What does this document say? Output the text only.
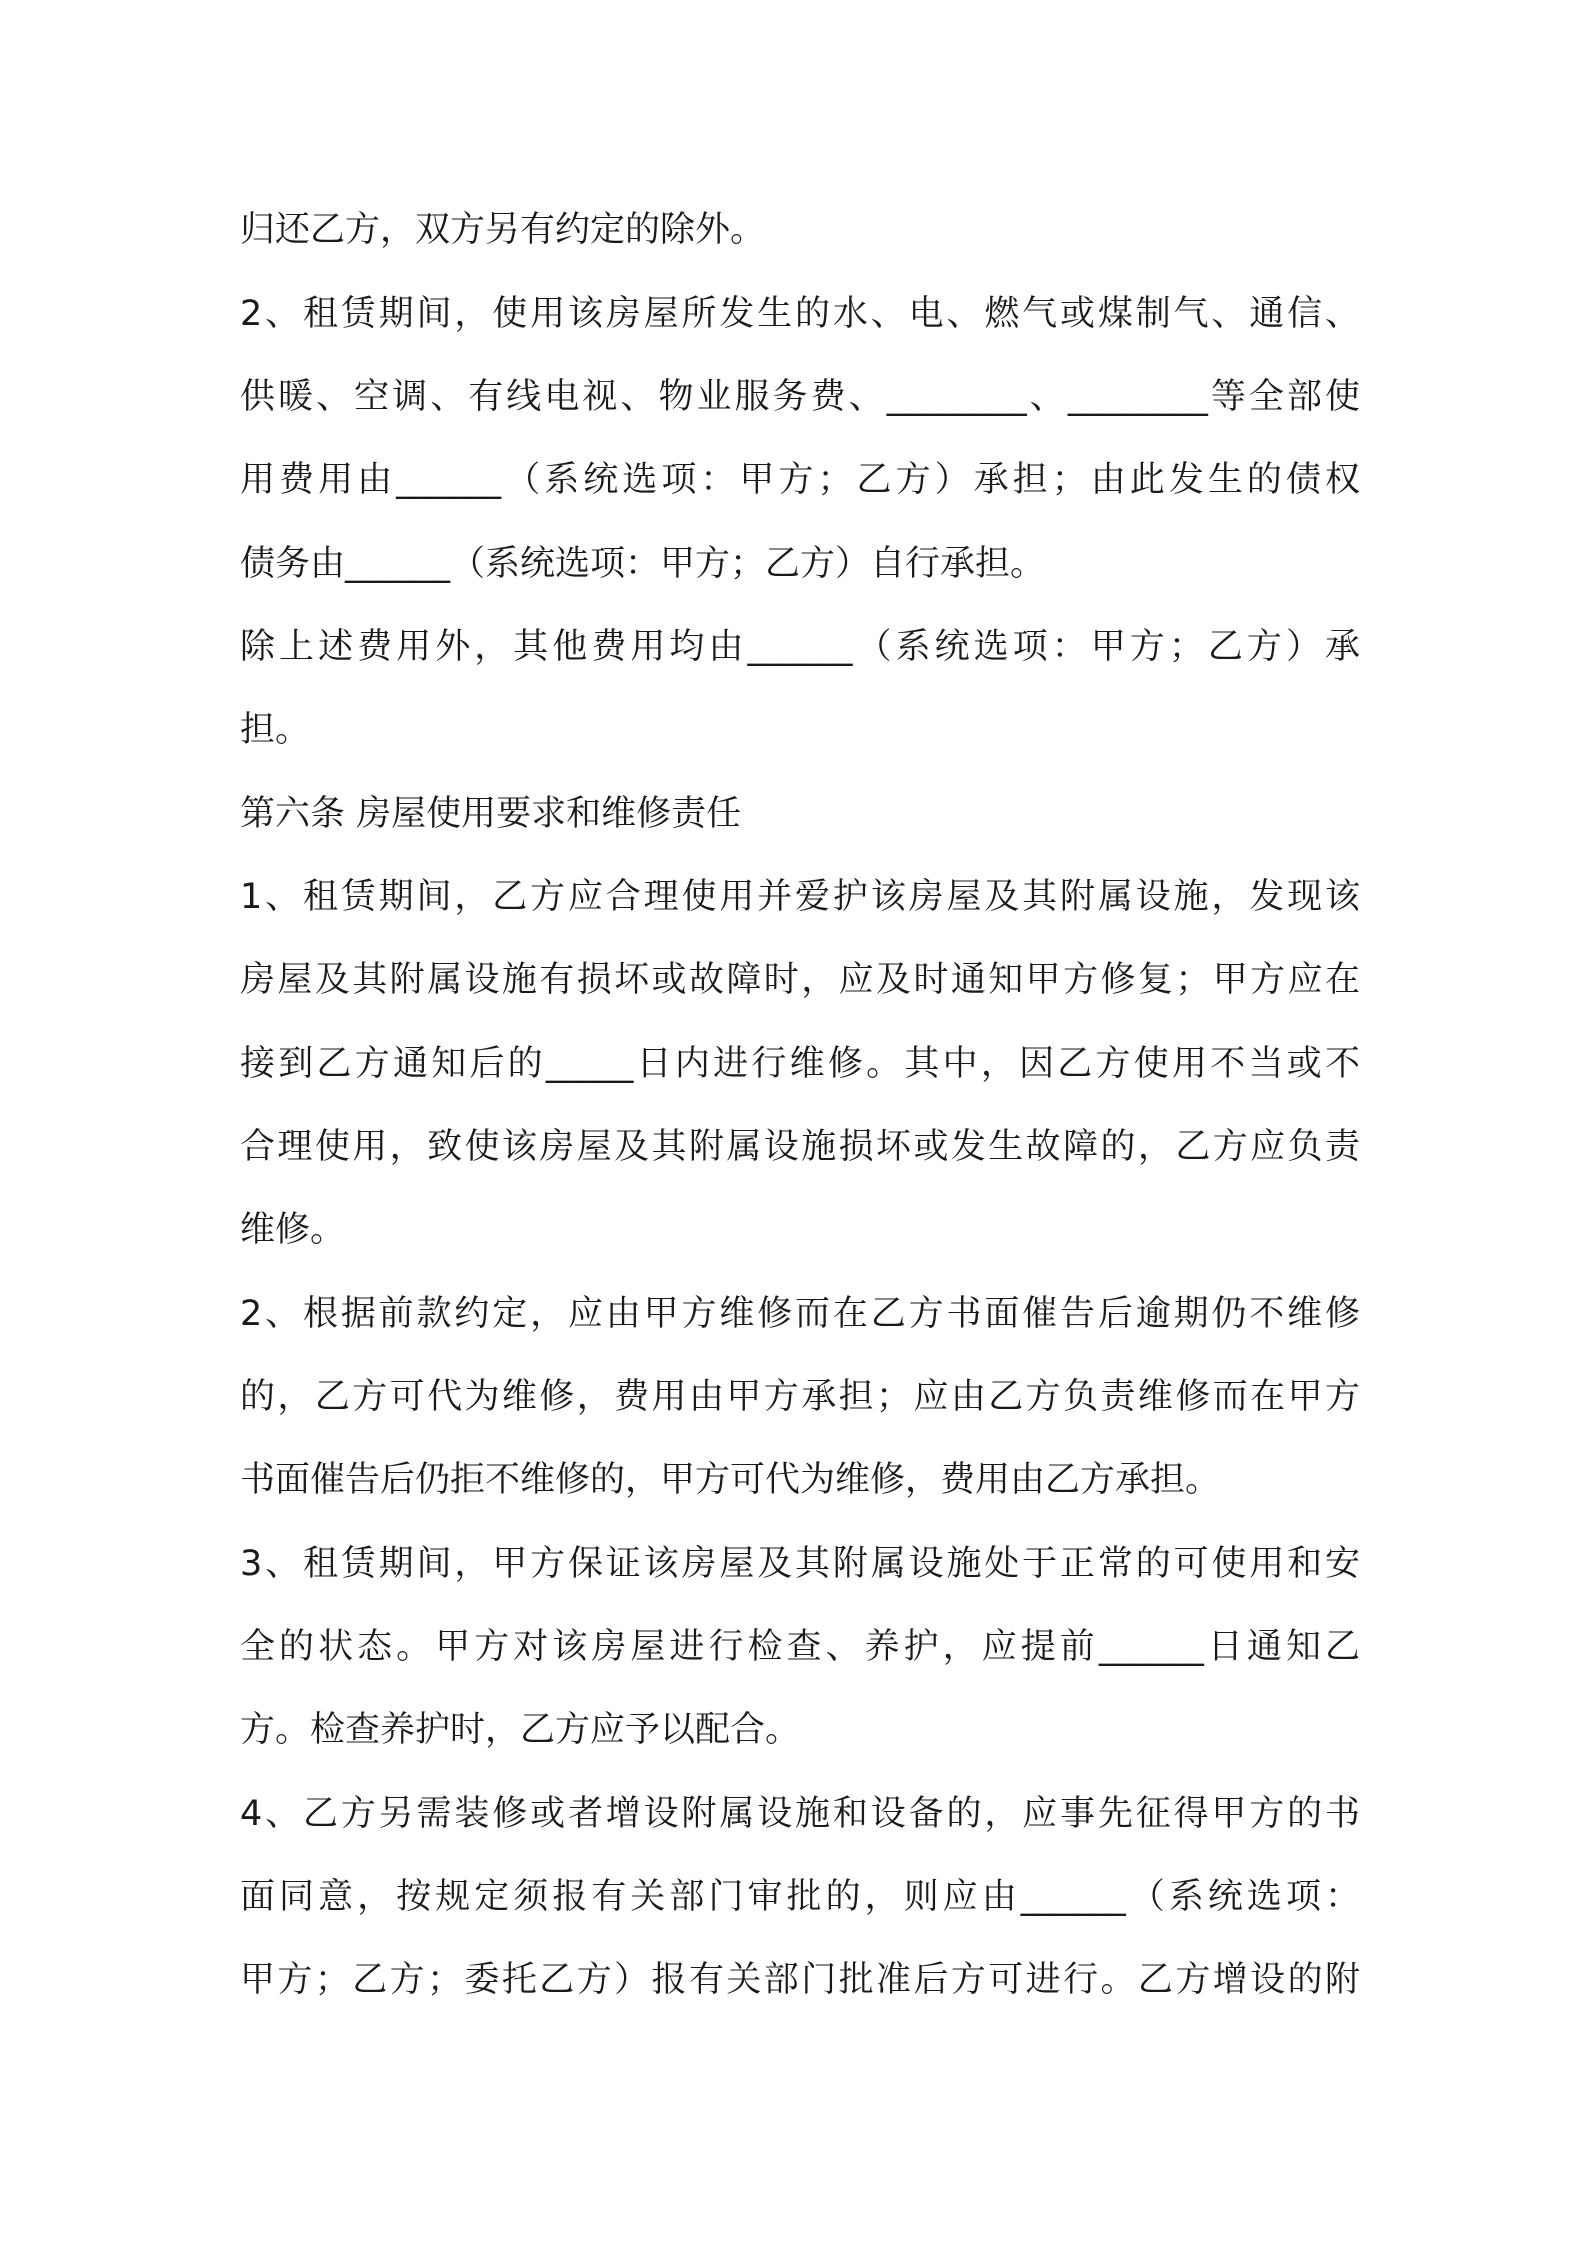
归还乙方，双方另有约定的除外。
2、租赁期间，使用该房屋所发生的水、电、燃气或煤制气、通信、
供暖、空调、有线电视、物业服务费、________、________等全部使
用费用由______（系统选项：甲方；乙方）承担；由此发生的债权
债务由______（系统选项：甲方；乙方）自行承担。
除上述费用外，其他费用均由______（系统选项：甲方；乙方）承
担。
第六条 房屋使用要求和维修责任
1、租赁期间，乙方应合理使用并爱护该房屋及其附属设施，发现该
房屋及其附属设施有损坏或故障时，应及时通知甲方修复；甲方应在
接到乙方通知后的_____日内进行维修。其中，因乙方使用不当或不
合理使用，致使该房屋及其附属设施损坏或发生故障的，乙方应负责
维修。
2、根据前款约定，应由甲方维修而在乙方书面催告后逾期仍不维修
的，乙方可代为维修，费用由甲方承担；应由乙方负责维修而在甲方
书面催告后仍拒不维修的，甲方可代为维修，费用由乙方承担。
3、租赁期间，甲方保证该房屋及其附属设施处于正常的可使用和安
全的状态。甲方对该房屋进行检查、养护，应提前______日通知乙
方。检查养护时，乙方应予以配合。
4、乙方另需装修或者增设附属设施和设备的，应事先征得甲方的书
面同意，按规定须报有关部门审批的，则应由______（系统选项：
甲方；乙方；委托乙方）报有关部门批准后方可进行。乙方增设的附
